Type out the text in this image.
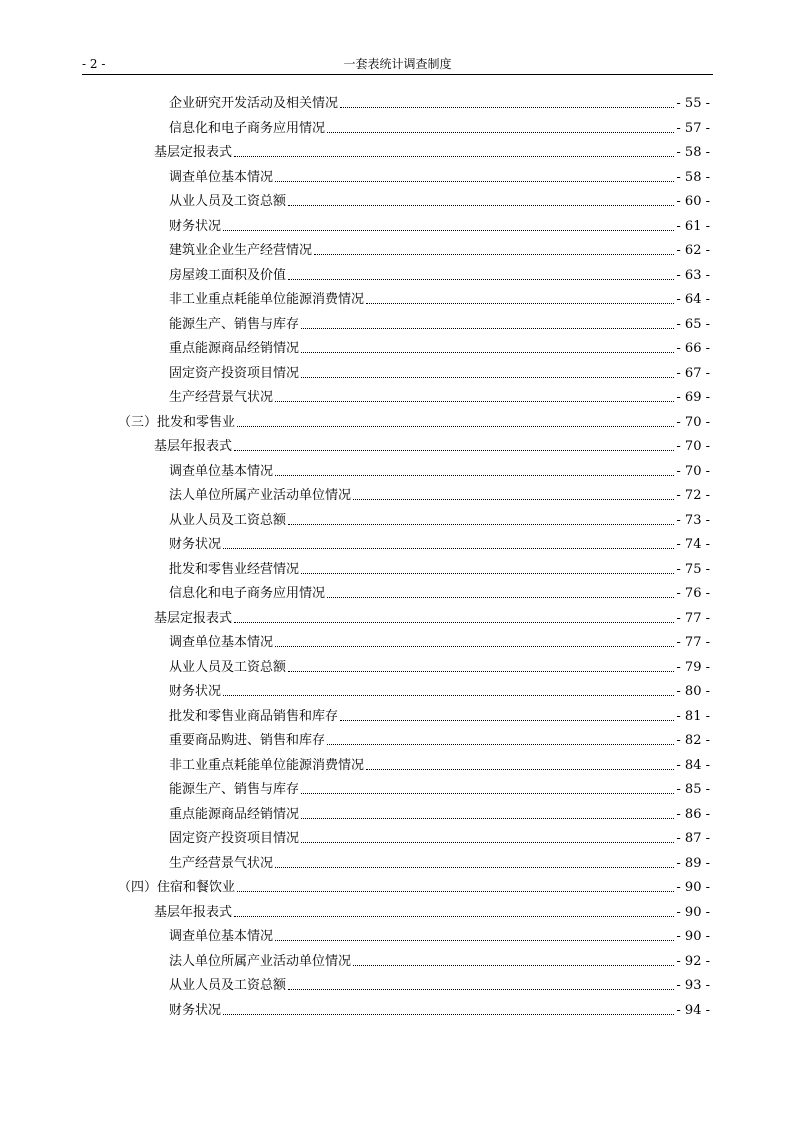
- 2 -	一套表统计调查制度
企业研究开发活动及相关情况	- 55 -
信息化和电子商务应用情况	- 57 -
基层定报表式	- 58 -
调查单位基本情况	- 58 -
从业人员及工资总额	- 60 -
财务状况	- 61 -
建筑业企业生产经营情况	- 62 -
房屋竣工面积及价值	- 63 -
非工业重点耗能单位能源消费情况	- 64 -
能源生产、销售与库存	- 65 -
重点能源商品经销情况	- 66 -
固定资产投资项目情况	- 67 -
生产经营景气状况	- 69 -
（三）批发和零售业	- 70 -
基层年报表式	- 70 -
调查单位基本情况	- 70 -
法人单位所属产业活动单位情况	- 72 -
从业人员及工资总额	- 73 -
财务状况	- 74 -
批发和零售业经营情况	- 75 -
信息化和电子商务应用情况	- 76 -
基层定报表式	- 77 -
调查单位基本情况	- 77 -
从业人员及工资总额	- 79 -
财务状况	- 80 -
批发和零售业商品销售和库存	- 81 -
重要商品购进、销售和库存	- 82 -
非工业重点耗能单位能源消费情况	- 84 -
能源生产、销售与库存	- 85 -
重点能源商品经销情况	- 86 -
固定资产投资项目情况	- 87 -
生产经营景气状况	- 89 -
（四）住宿和餐饮业	- 90 -
基层年报表式	- 90 -
调查单位基本情况	- 90 -
法人单位所属产业活动单位情况	- 92 -
从业人员及工资总额	- 93 -
财务状况	- 94 -
